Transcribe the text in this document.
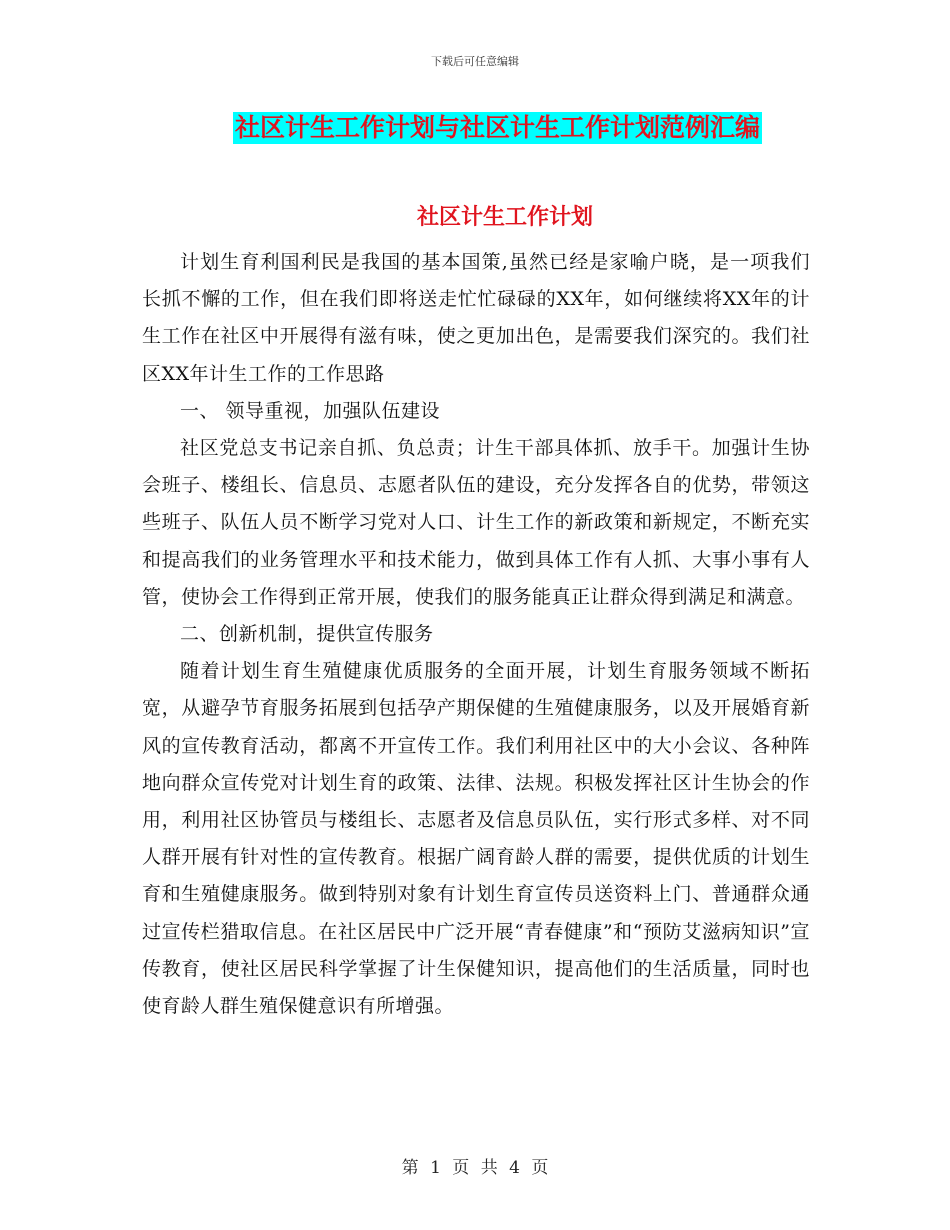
下载后可任意编辑
社区计生工作计划与社区计生工作计划范例汇编
社区计生工作计划

计划生育利国利民是我国的基本国策,虽然已经是家喻户晓，是一项我们长抓不懈的工作，但在我们即将送走忙忙碌碌的XX年，如何继续将XX年的计生工作在社区中开展得有滋有味，使之更加出色，是需要我们深究的。我们社区XX年计生工作的工作思路

一、 领导重视，加强队伍建设

社区党总支书记亲自抓、负总责；计生干部具体抓、放手干。加强计生协会班子、楼组长、信息员、志愿者队伍的建设，充分发挥各自的优势，带领这些班子、队伍人员不断学习党对人口、计生工作的新政策和新规定，不断充实和提高我们的业务管理水平和技术能力，做到具体工作有人抓、大事小事有人管，使协会工作得到正常开展，使我们的服务能真正让群众得到满足和满意。

二、创新机制，提供宣传服务

随着计划生育生殖健康优质服务的全面开展，计划生育服务领域不断拓宽，从避孕节育服务拓展到包括孕产期保健的生殖健康服务，以及开展婚育新风的宣传教育活动，都离不开宣传工作。我们利用社区中的大小会议、各种阵地向群众宣传党对计划生育的政策、法律、法规。积极发挥社区计生协会的作用，利用社区协管员与楼组长、志愿者及信息员队伍，实行形式多样、对不同人群开展有针对性的宣传教育。根据广阔育龄人群的需要，提供优质的计划生育和生殖健康服务。做到特别对象有计划生育宣传员送资料上门、普通群众通过宣传栏猎取信息。在社区居民中广泛开展“青春健康”和“预防艾滋病知识”宣传教育，使社区居民科学掌握了计生保健知识，提高他们的生活质量，同时也使育龄人群生殖保健意识有所增强。

第 1 页 共 4 页
